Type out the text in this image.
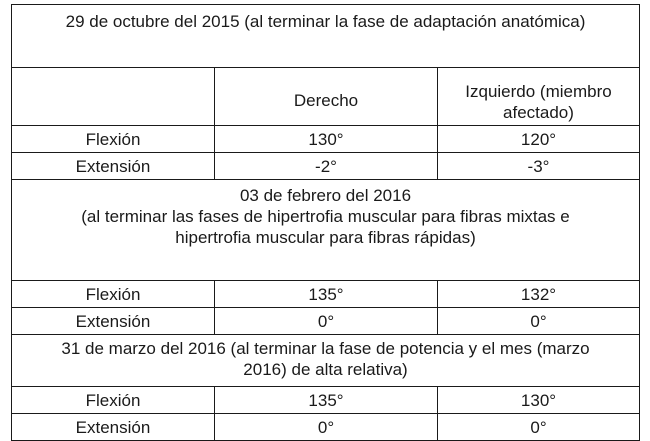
29 de octubre del 2015 (al terminar la fase de adaptación anatómica)		
	Derecho	Izquierdo (miembro afectado)
Flexión	130°	120°
Extensión	-2°	-3°

03 de febrero del 2016
(al terminar las fases de hipertrofia muscular para fibras mixtas e
hipertrofia muscular para fibras rápidas)		

Flexión	135°	132°
Extensión	0°	0°

31 de marzo del 2016 (al terminar la fase de potencia y el mes (marzo
2016) de alta relativa)		

Flexión	135°	130°
Extensión	0°	0°
